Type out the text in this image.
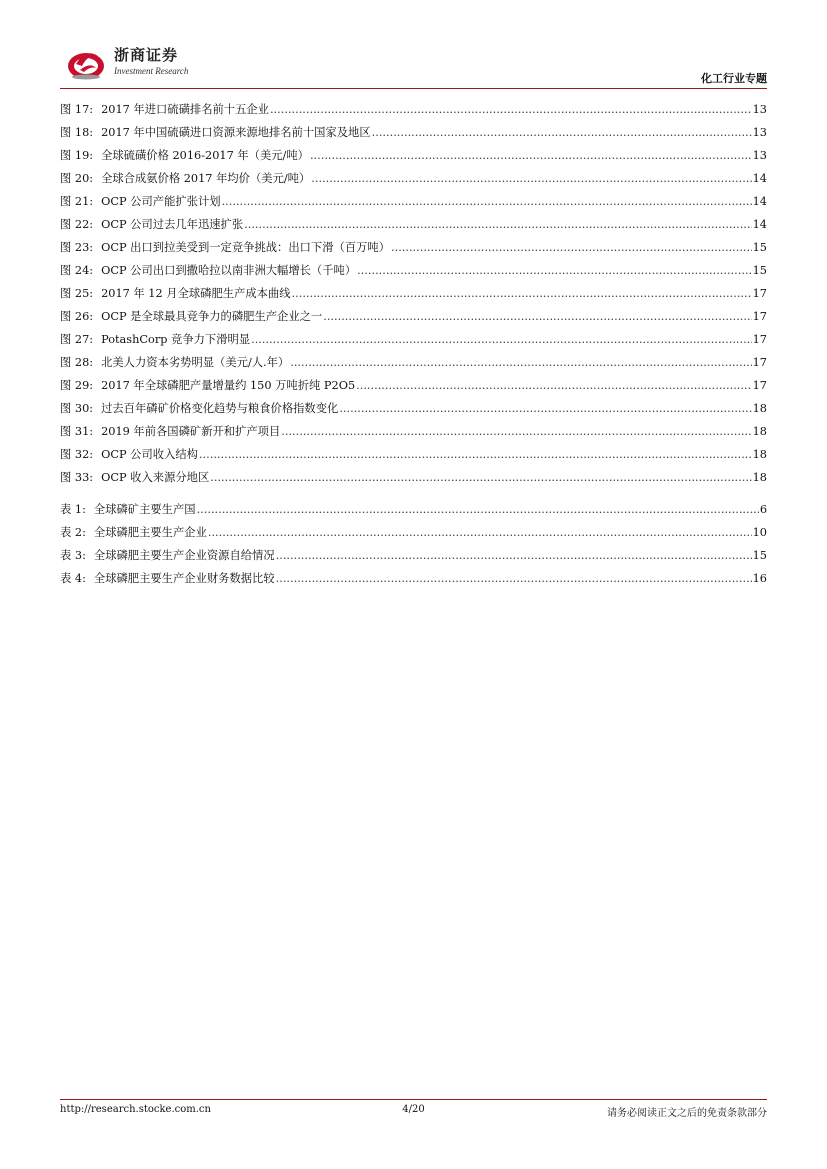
浙商证券
Investment Research
化工行业专题
图 17: 2017 年进口硫磺排名前十五企业 .....	13
图 18: 2017 年中国硫磺进口资源来源地排名前十国家及地区 .....	13
图 19: 全球硫磺价格 2016-2017 年（美元/吨） .....	13
图 20: 全球合成氨价格 2017 年均价（美元/吨） .....	14
图 21: OCP 公司产能扩张计划 .....	14
图 22: OCP 公司过去几年迅速扩张 .....	14
图 23: OCP 出口到拉美受到一定竞争挑战：出口下滑（百万吨） .....	15
图 24: OCP 公司出口到撒哈拉以南非洲大幅增长（千吨） .....	15
图 25: 2017 年 12 月全球磷肥生产成本曲线 .....	17
图 26: OCP 是全球最具竞争力的磷肥生产企业之一 .....	17
图 27: PotashCorp 竞争力下滑明显 .....	17
图 28: 北美人力资本劣势明显（美元/人.年） .....	17
图 29: 2017 年全球磷肥产量增量约 150 万吨折纯 P2O5 .....	17
图 30: 过去百年磷矿价格变化趋势与粮食价格指数变化 .....	18
图 31: 2019 年前各国磷矿新开和扩产项目 .....	18
图 32: OCP 公司收入结构 .....	18
图 33: OCP 收入来源分地区 .....	18
表 1: 全球磷矿主要生产国 .....	6
表 2: 全球磷肥主要生产企业 .....	10
表 3: 全球磷肥主要生产企业资源自给情况 .....	15
表 4: 全球磷肥主要生产企业财务数据比较 .....	16
http://research.stocke.com.cn	4/20	请务必阅读正文之后的免责条款部分
